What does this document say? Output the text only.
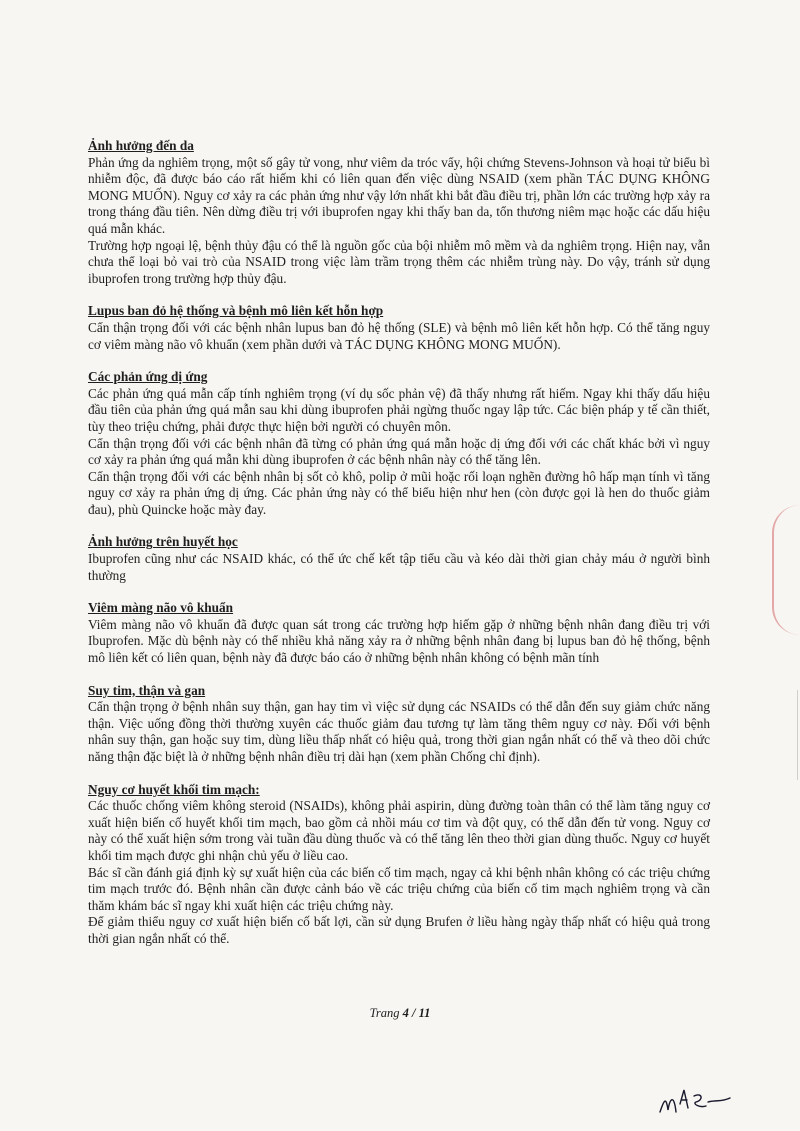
Ảnh hưởng đến da

Phản ứng da nghiêm trọng, một số gây tử vong, như viêm da tróc vẩy, hội chứng Stevens-Johnson và hoại tử biểu bì nhiễm độc, đã được báo cáo rất hiếm khi có liên quan đến việc dùng NSAID (xem phần TÁC DỤNG KHÔNG MONG MUỐN). Nguy cơ xảy ra các phản ứng như vậy lớn nhất khi bắt đầu điều trị, phần lớn các trường hợp xảy ra trong tháng đầu tiên. Nên dừng điều trị với ibuprofen ngay khi thấy ban da, tổn thương niêm mạc hoặc các dấu hiệu quá mẫn khác.

Trường hợp ngoại lệ, bệnh thủy đậu có thể là nguồn gốc của bội nhiễm mô mềm và da nghiêm trọng. Hiện nay, vẫn chưa thể loại bỏ vai trò của NSAID trong việc làm trầm trọng thêm các nhiễm trùng này. Do vậy, tránh sử dụng ibuprofen trong trường hợp thủy đậu.

Lupus ban đỏ hệ thống và bệnh mô liên kết hỗn hợp

Cẩn thận trọng đối với các bệnh nhân lupus ban đỏ hệ thống (SLE) và bệnh mô liên kết hỗn hợp. Có thể tăng nguy cơ viêm màng não vô khuẩn (xem phần dưới và TÁC DỤNG KHÔNG MONG MUỐN).

Các phản ứng dị ứng

Các phản ứng quá mẫn cấp tính nghiêm trọng (ví dụ sốc phản vệ) đã thấy nhưng rất hiếm. Ngay khi thấy dấu hiệu đầu tiên của phản ứng quá mẫn sau khi dùng ibuprofen phải ngừng thuốc ngay lập tức. Các biện pháp y tế cần thiết, tùy theo triệu chứng, phải được thực hiện bởi người có chuyên môn.

Cẩn thận trọng đối với các bệnh nhân đã từng có phản ứng quá mẫn hoặc dị ứng đối với các chất khác bởi vì nguy cơ xảy ra phản ứng quá mẫn khi dùng ibuprofen ở các bệnh nhân này có thể tăng lên.

Cẩn thận trọng đối với các bệnh nhân bị sốt cỏ khô, polip ở mũi hoặc rối loạn nghẽn đường hô hấp mạn tính vì tăng nguy cơ xảy ra phản ứng dị ứng. Các phản ứng này có thể biểu hiện như hen (còn được gọi là hen do thuốc giảm đau), phù Quincke hoặc mày đay.

Ảnh hưởng trên huyết học

Ibuprofen cũng như các NSAID khác, có thể ức chế kết tập tiểu cầu và kéo dài thời gian chảy máu ở người bình thường

Viêm màng não vô khuẩn

Viêm màng não vô khuẩn đã được quan sát trong các trường hợp hiếm gặp ở những bệnh nhân đang điều trị với Ibuprofen. Mặc dù bệnh này có thể nhiều khả năng xảy ra ở những bệnh nhân đang bị lupus ban đỏ hệ thống, bệnh mô liên kết có liên quan, bệnh này đã được báo cáo ở những bệnh nhân không có bệnh mãn tính

Suy tim, thận và gan

Cẩn thận trọng ở bệnh nhân suy thận, gan hay tim vì việc sử dụng các NSAIDs có thể dẫn đến suy giảm chức năng thận. Việc uống đồng thời thường xuyên các thuốc giảm đau tương tự làm tăng thêm nguy cơ này. Đối với bệnh nhân suy thận, gan hoặc suy tim, dùng liều thấp nhất có hiệu quả, trong thời gian ngắn nhất có thể và theo dõi chức năng thận đặc biệt là ở những bệnh nhân điều trị dài hạn (xem phần Chống chỉ định).

Nguy cơ huyết khối tim mạch:

Các thuốc chống viêm không steroid (NSAIDs), không phải aspirin, dùng đường toàn thân có thể làm tăng nguy cơ xuất hiện biến cố huyết khối tim mạch, bao gồm cả nhồi máu cơ tim và đột quỵ, có thể dẫn đến tử vong. Nguy cơ này có thể xuất hiện sớm trong vài tuần đầu dùng thuốc và có thể tăng lên theo thời gian dùng thuốc. Nguy cơ huyết khối tim mạch được ghi nhận chủ yếu ở liều cao.

Bác sĩ cần đánh giá định kỳ sự xuất hiện của các biến cố tim mạch, ngay cả khi bệnh nhân không có các triệu chứng tim mạch trước đó. Bệnh nhân cần được cảnh báo về các triệu chứng của biến cố tim mạch nghiêm trọng và cần thăm khám bác sĩ ngay khi xuất hiện các triệu chứng này.

Để giảm thiểu nguy cơ xuất hiện biến cố bất lợi, cần sử dụng Brufen ở liều hàng ngày thấp nhất có hiệu quả trong thời gian ngắn nhất có thể.

Trang 4 / 11
